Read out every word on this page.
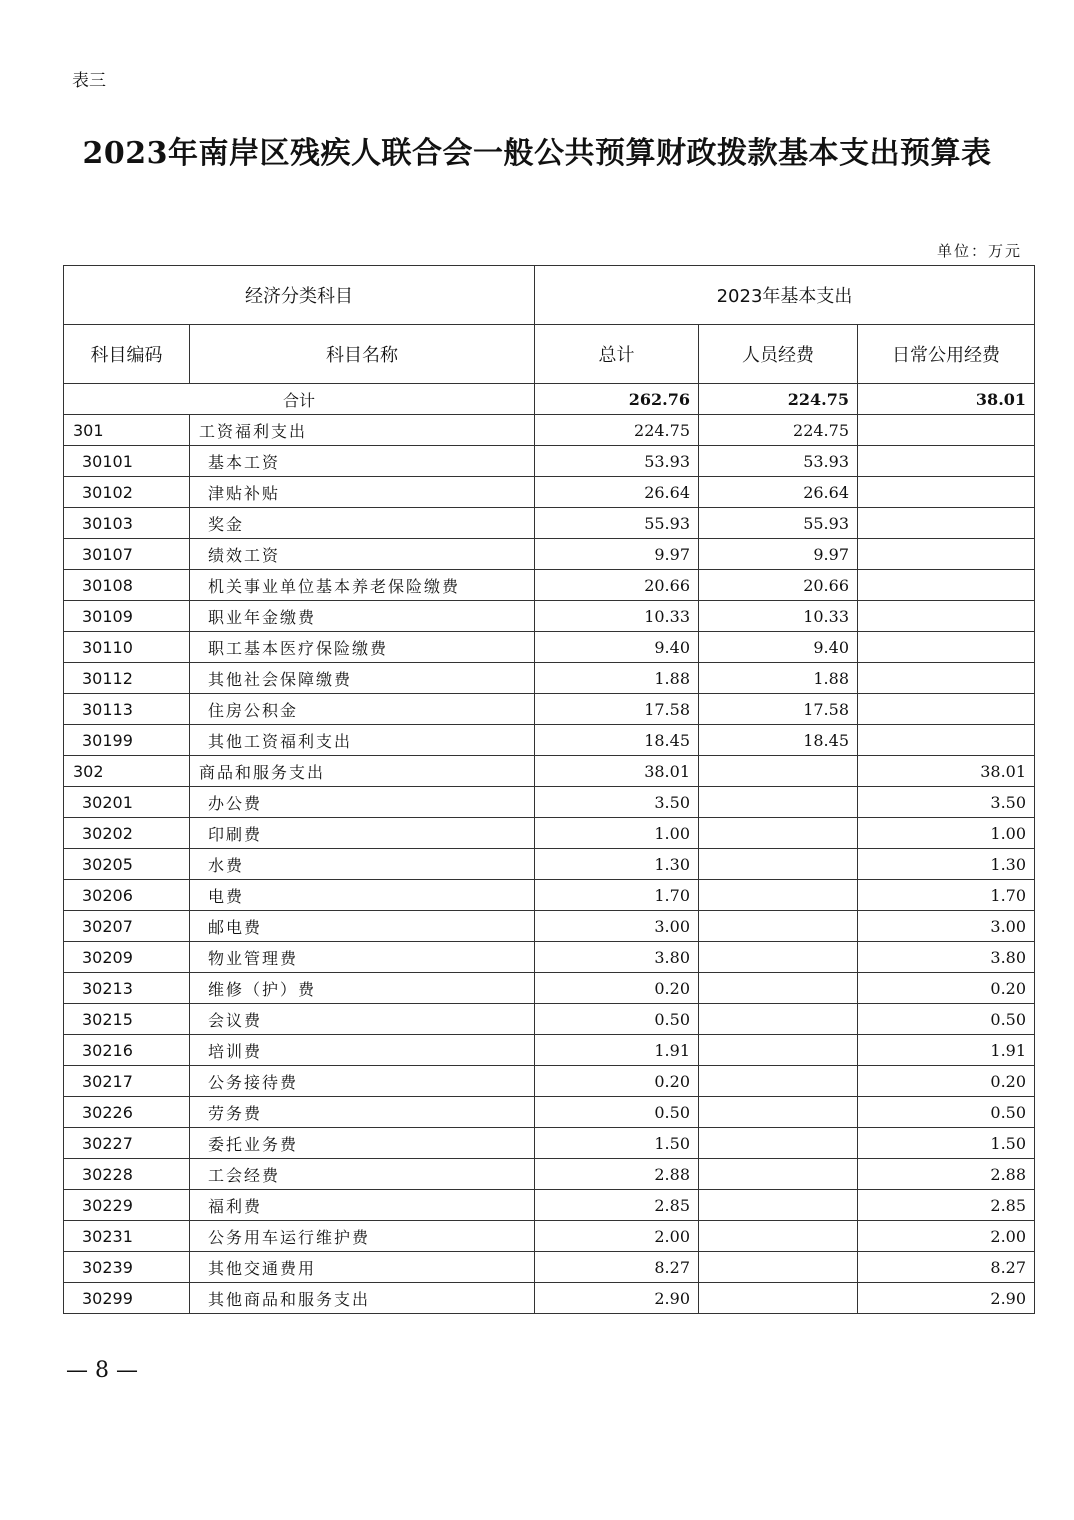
表三
2023年南岸区残疾人联合会一般公共预算财政拨款基本支出预算表
单位：万元
经济分类科目		2023年基本支出		
科目编码	科目名称	总计	人员经费	日常公用经费
合计		262.76	224.75	38.01
301	工资福利支出	224.75	224.75	
30101	基本工资	53.93	53.93	
30102	津贴补贴	26.64	26.64	
30103	奖金	55.93	55.93	
30107	绩效工资	9.97	9.97	
30108	机关事业单位基本养老保险缴费	20.66	20.66	
30109	职业年金缴费	10.33	10.33	
30110	职工基本医疗保险缴费	9.40	9.40	
30112	其他社会保障缴费	1.88	1.88	
30113	住房公积金	17.58	17.58	
30199	其他工资福利支出	18.45	18.45	
302	商品和服务支出	38.01		38.01
30201	办公费	3.50		3.50
30202	印刷费	1.00		1.00
30205	水费	1.30		1.30
30206	电费	1.70		1.70
30207	邮电费	3.00		3.00
30209	物业管理费	3.80		3.80
30213	维修（护）费	0.20		0.20
30215	会议费	0.50		0.50
30216	培训费	1.91		1.91
30217	公务接待费	0.20		0.20
30226	劳务费	0.50		0.50
30227	委托业务费	1.50		1.50
30228	工会经费	2.88		2.88
30229	福利费	2.85		2.85
30231	公务用车运行维护费	2.00		2.00
30239	其他交通费用	8.27		8.27
30299	其他商品和服务支出	2.90		2.90
— 8 —
